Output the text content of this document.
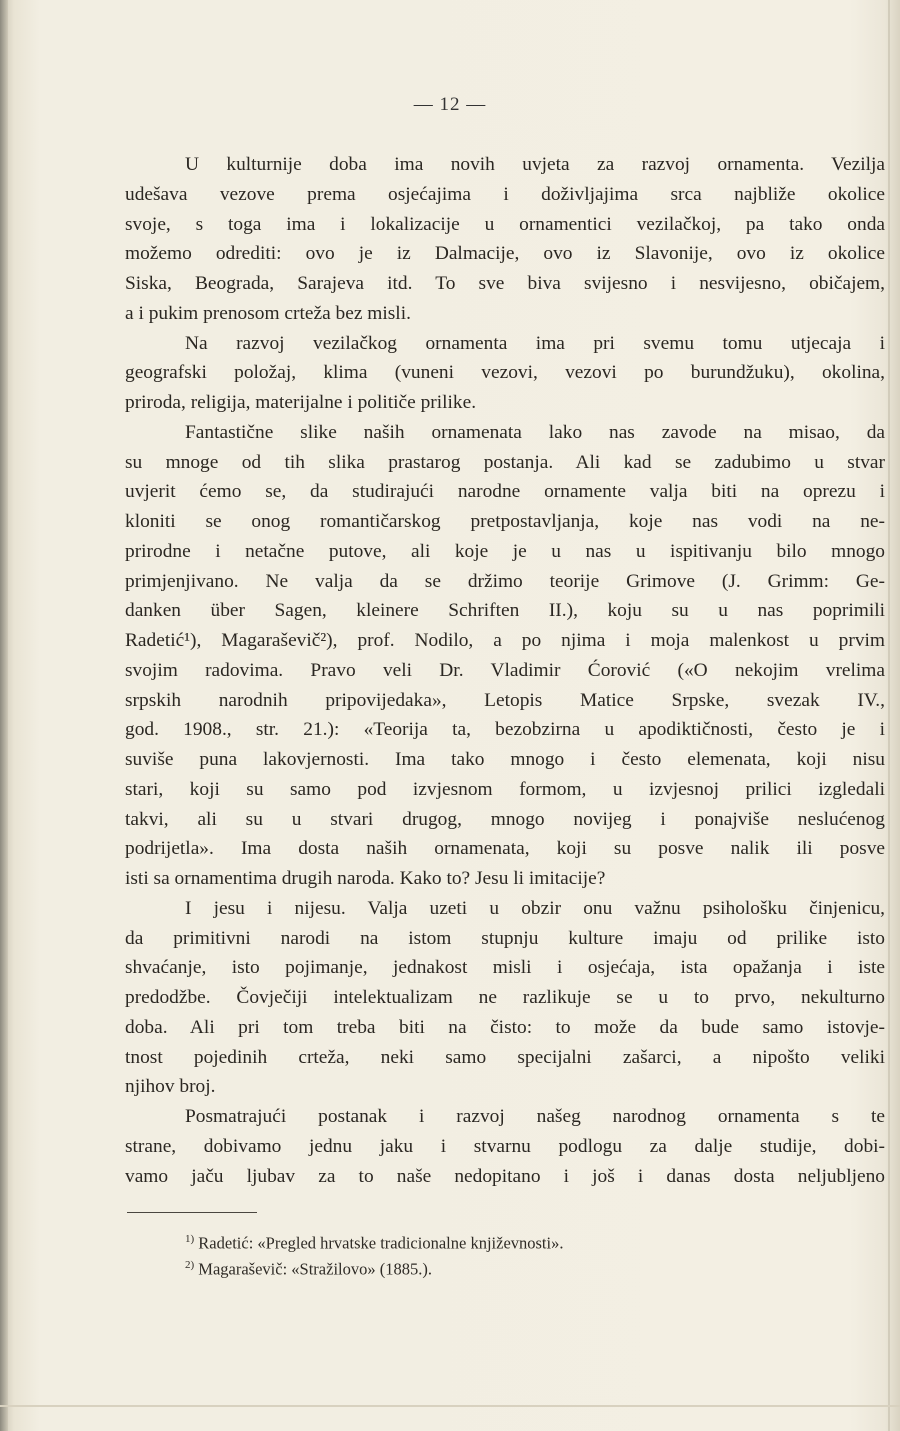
— 12 —
U kulturnije doba ima novih uvjeta za razvoj ornamenta. Vezilja
udešava vezove prema osjećajima i doživljajima srca najbliže okolice
svoje, s toga ima i lokalizacije u ornamentici vezilačkoj, pa tako onda
možemo odrediti: ovo je iz Dalmacije, ovo iz Slavonije, ovo iz okolice
Siska, Beograda, Sarajeva itd. To sve biva svijesno i nesvijesno, običajem,
a i pukim prenosom crteža bez misli.
Na razvoj vezilačkog ornamenta ima pri svemu tomu utjecaja i
geografski položaj, klima (vuneni vezovi, vezovi po burundžuku), okolina,
priroda, religija, materijalne i političe prilike.
Fantastične slike naših ornamenata lako nas zavode na misao, da
su mnoge od tih slika prastarog postanja. Ali kad se zadubimo u stvar
uvjerit ćemo se, da studirajući narodne ornamente valja biti na oprezu i
kloniti se onog romantičarskog pretpostavljanja, koje nas vodi na ne-
prirodne i netačne putove, ali koje je u nas u ispitivanju bilo mnogo
primjenjivano. Ne valja da se držimo teorije Grimove (J. Grimm: Ge-
danken über Sagen, kleinere Schriften II.), koju su u nas poprimili
Radetić¹), Magaraševič²), prof. Nodilo, a po njima i moja malenkost u prvim
svojim radovima. Pravo veli Dr. Vladimir Ćorović («O nekojim vrelima
srpskih narodnih pripovijedaka», Letopis Matice Srpske, svezak IV.,
god. 1908., str. 21.): «Teorija ta, bezobzirna u apodiktičnosti, često je i
suviše puna lakovjernosti. Ima tako mnogo i često elemenata, koji nisu
stari, koji su samo pod izvjesnom formom, u izvjesnoj prilici izgledali
takvi, ali su u stvari drugog, mnogo novijeg i ponajviše neslućenog
podrijetla». Ima dosta naših ornamenata, koji su posve nalik ili posve
isti sa ornamentima drugih naroda. Kako to? Jesu li imitacije?
I jesu i nijesu. Valja uzeti u obzir onu važnu psihološku činjenicu,
da primitivni narodi na istom stupnju kulture imaju od prilike isto
shvaćanje, isto pojimanje, jednakost misli i osjećaja, ista opažanja i iste
predodžbe. Čovječiji intelektualizam ne razlikuje se u to prvo, nekulturno
doba. Ali pri tom treba biti na čisto: to može da bude samo istovje-
tnost pojedinih crteža, neki samo specijalni zašarci, a nipošto veliki
njihov broj.
Posmatrajući postanak i razvoj našeg narodnog ornamenta s te
strane, dobivamo jednu jaku i stvarnu podlogu za dalje studije, dobi-
vamo jaču ljubav za to naše nedopitano i još i danas dosta neljubljeno
$^{1)}$ Radetić: «Pregled hrvatske tradicionalne književnosti».
$^{2)}$ Magaraševič: «Stražilovo» (1885.).
